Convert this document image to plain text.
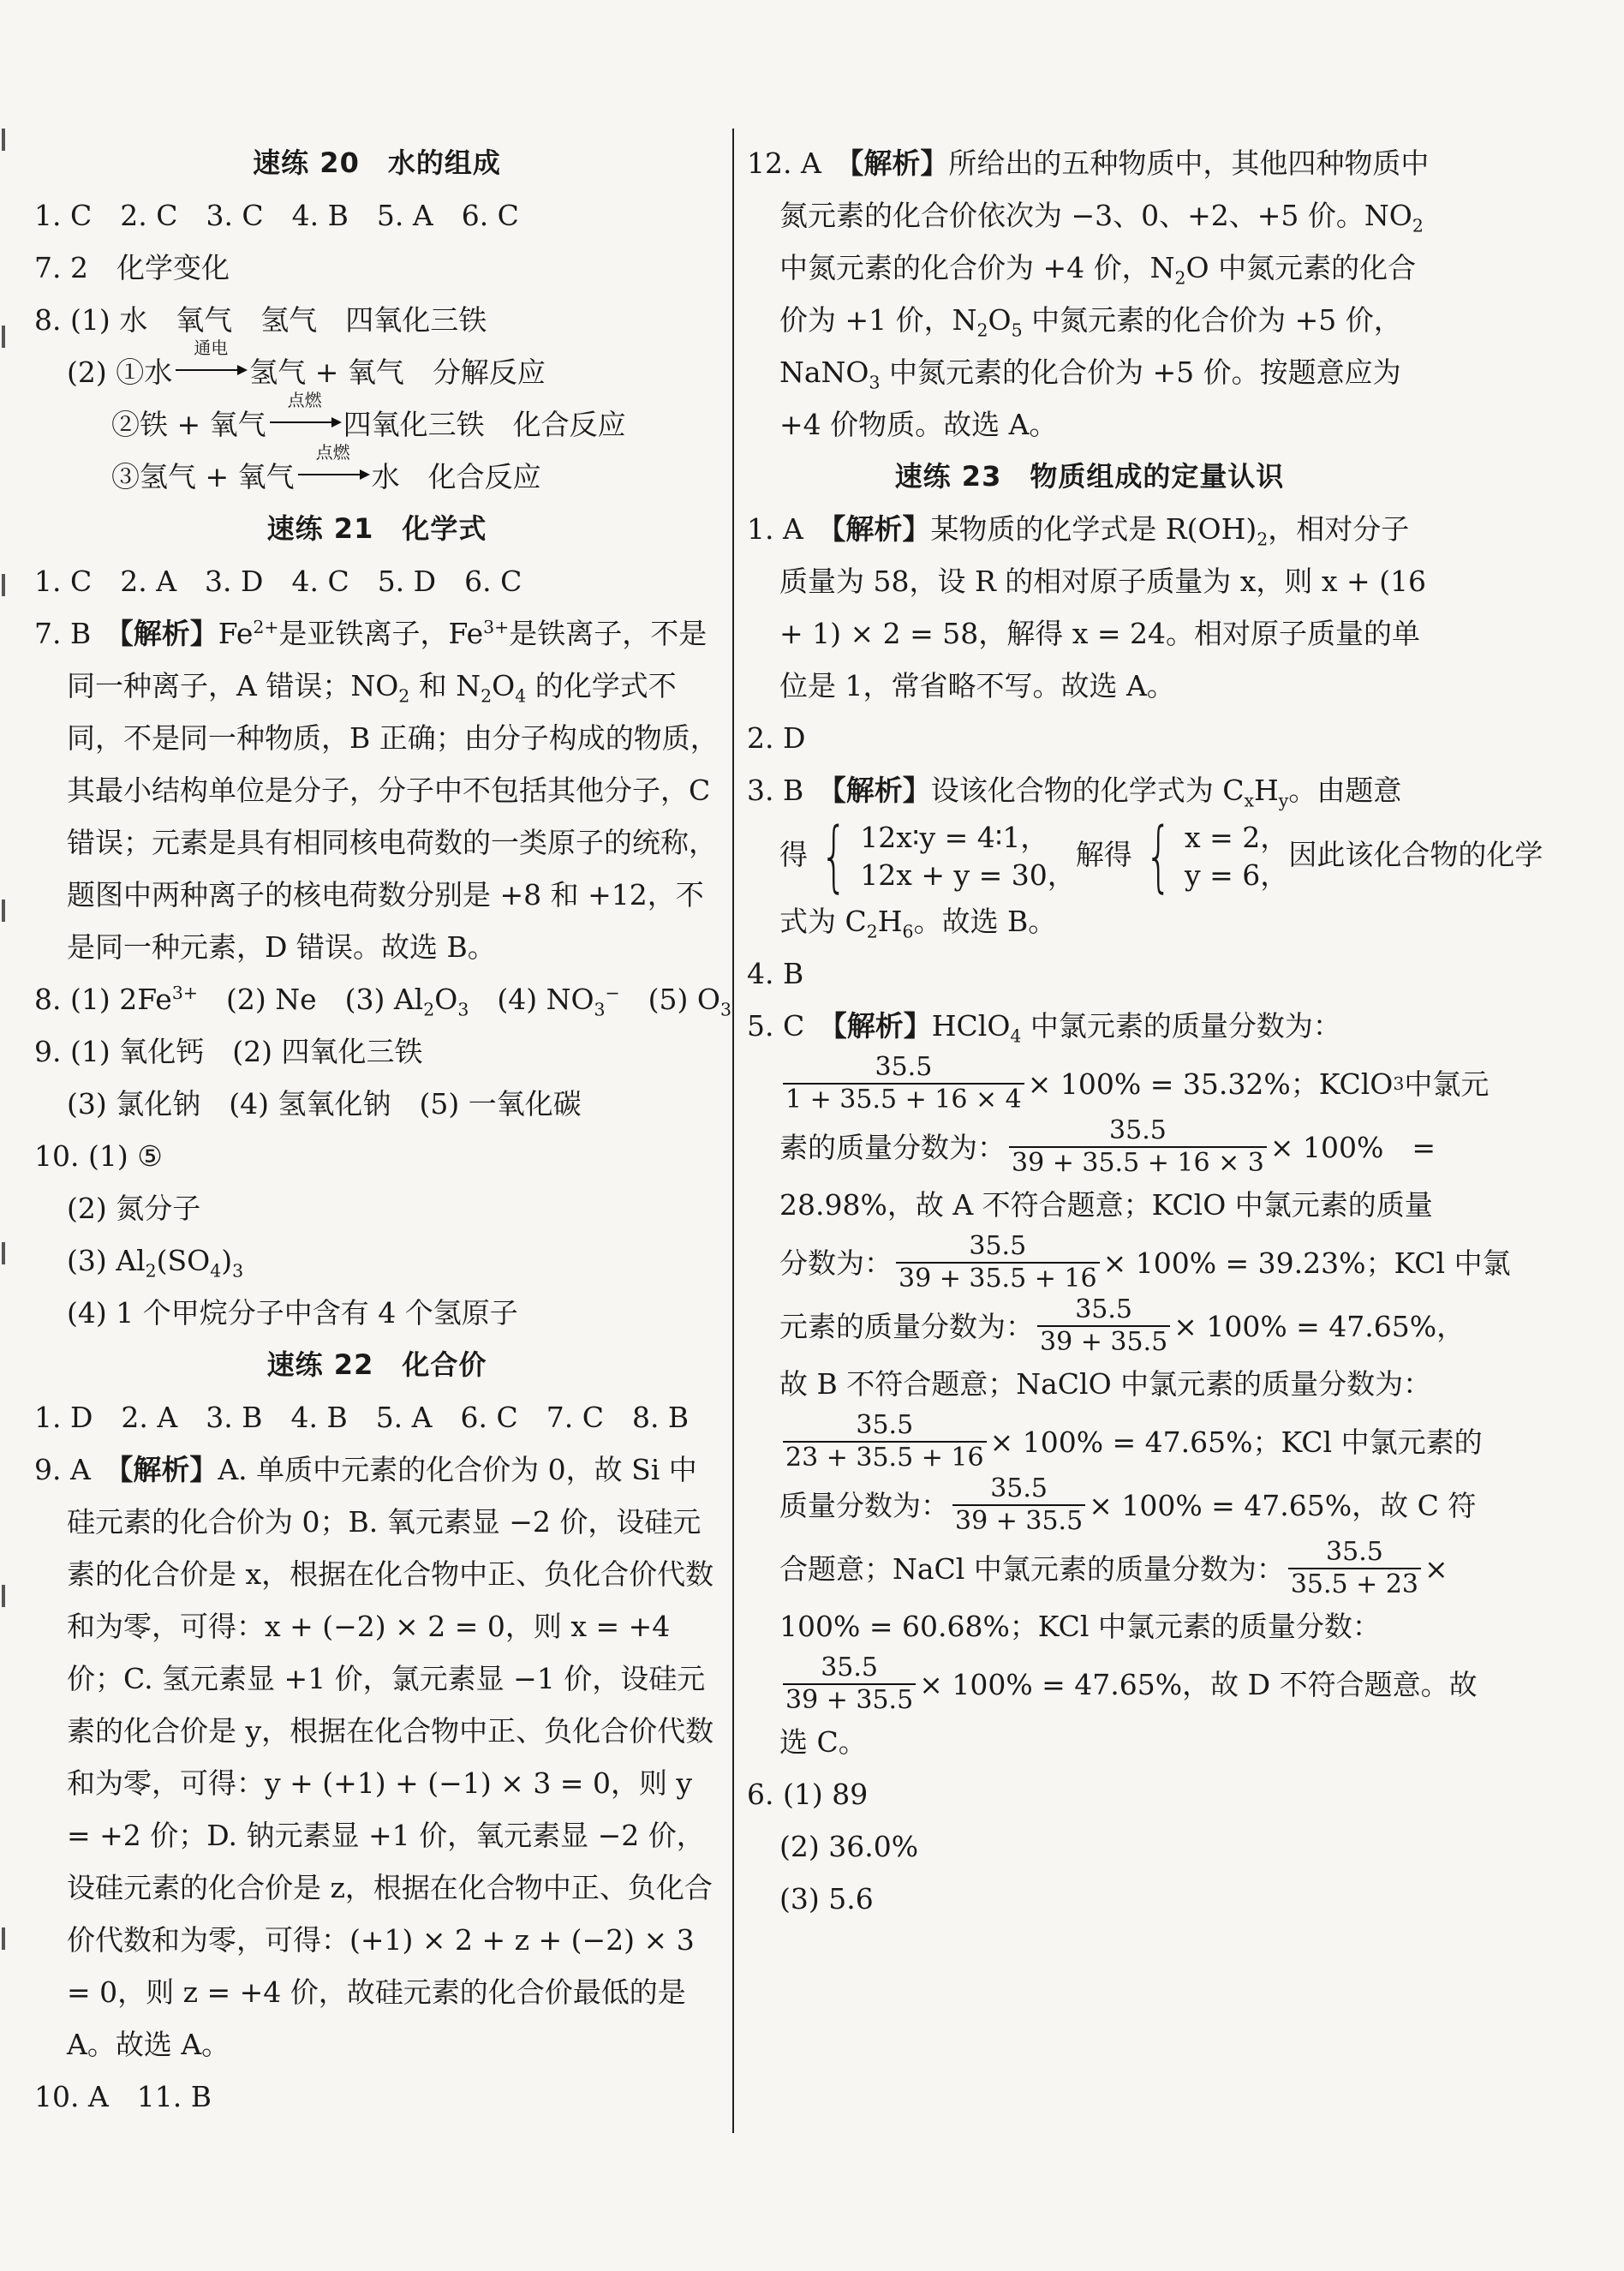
速练 20　水的组成
1. C　2. C　3. C　4. B　5. A　6. C
7. 2　化学变化
8. (1) 水　氧气　氢气　四氧化三铁
(2) ①水
通电
氢气 + 氧气　分解反应
②铁 + 氧气
点燃
四氧化三铁　化合反应
③氢气 + 氧气
点燃
水　化合反应
速练 21　化学式
1. C　2. A　3. D　4. C　5. D　6. C
7. B　 【解析】$Fe^{2+}$是亚铁离子，$Fe^{3+}$是铁离子，不是同一种离子，A 错误；$NO_2$ 和 $N_2O_4$ 的化学式不同，不是同一种物质，B 正确；由分子构成的物质，其最小结构单位是分子，分子中不包括其他分子，C 错误；元素是具有相同核电荷数的一类原子的统称，题图中两种离子的核电荷数分别是 +8 和 +12，不是同一种元素，D 错误。故选 B。
8. (1) $2Fe^{3+}$　(2) Ne　(3) $Al_2O_3$　(4) $NO_3^-$　(5) $O_3$
9. (1) 氧化钙　(2) 四氧化三铁
(3) 氯化钠　(4) 氢氧化钠　(5) 一氧化碳
10. (1) ⑤
(2) 氮分子
(3) $Al_2(SO_4)_3$
(4) 1 个甲烷分子中含有 4 个氢原子
速练 22　化合价
1. D　2. A　3. B　4. B　5. A　6. C　7. C　8. B
9. A　 【解析】A. 单质中元素的化合价为 0，故 Si 中硅元素的化合价为 0；B. 氧元素显 −2 价，设硅元素的化合价是 x，根据在化合物中正、负化合价代数和为零，可得：x + (−2) × 2 = 0，则 x = +4 价；C. 氢元素显 +1 价，氯元素显 −1 价，设硅元素的化合价是 y，根据在化合物中正、负化合价代数和为零，可得：y + (+1) + (−1) × 3 = 0，则 y = +2 价；D. 钠元素显 +1 价，氧元素显 −2 价，设硅元素的化合价是 z，根据在化合物中正、负化合价代数和为零，可得：(+1) × 2 + z + (−2) × 3 = 0，则 z = +4 价，故硅元素的化合价最低的是 A。故选 A。
10. A　11. B
12. A　 【解析】所给出的五种物质中，其他四种物质中氮元素的化合价依次为 −3、0、+2、+5 价。$NO_2$ 中氮元素的化合价为 +4 价，$N_2O$ 中氮元素的化合价为 +1 价，$N_2O_5$ 中氮元素的化合价为 +5 价，NaNO$_3$ 中氮元素的化合价为 +5 价。按题意应为 +4 价物质。故选 A。
速练 23　物质组成的定量认识
1. A　 【解析】某物质的化学式是 $R(OH)_2$，相对分子质量为 58，设 R 的相对原子质量为 x，则 x + (16 + 1) × 2 = 58，解得 x = 24。相对原子质量的单位是 1，常省略不写。故选 A。
2. D
3. B　 【解析】设该化合物的化学式为 $C_xH_y$。由题意
得 { 12x∶y = 4∶1，
12x + y = 30，
解得 { x = 2，
y = 6，
因此该化合物的化学
式为 $C_2H_6$。故选 B。
4. B
5. C　 【解析】HClO$_4$ 中氯元素的质量分数为：
$\frac{35.5}{1 + 35.5 + 16 \times 4} \times 100\% = 35.32\%$；KClO 3 中氯元
素的质量分数为： $\frac{35.5}{39 + 35.5 + 16 \times 3} \times 100\%$　=
28.98%，故 A 不符合题意；KClO 中氯元素的质量
分数为： $\frac{35.5}{39 + 35.5 + 16} \times 100\% = 39.23\%$；KCl 中氯
元素的质量分数为： $\frac{35.5}{39 + 35.5} \times 100\% = 47.65\%$，
故 B 不符合题意；NaClO 中氯元素的质量分数为：
$\frac{35.5}{23 + 35.5 + 16} \times 100\% = 47.65\%$；KCl 中氯元素的
质量分数为： $\frac{35.5}{39 + 35.5} \times 100\% = 47.65\%$，故 C 符
合题意；NaCl 中氯元素的质量分数为： $\frac{35.5}{35.5 + 23}$ ×
100% = 60.68%；KCl 中氯元素的质量分数：
$\frac{35.5}{39 + 35.5} \times 100\% = 47.65\%$，故 D 不符合题意。故
选 C。
6. (1) 89
(2) 36.0%
(3) 5.6
